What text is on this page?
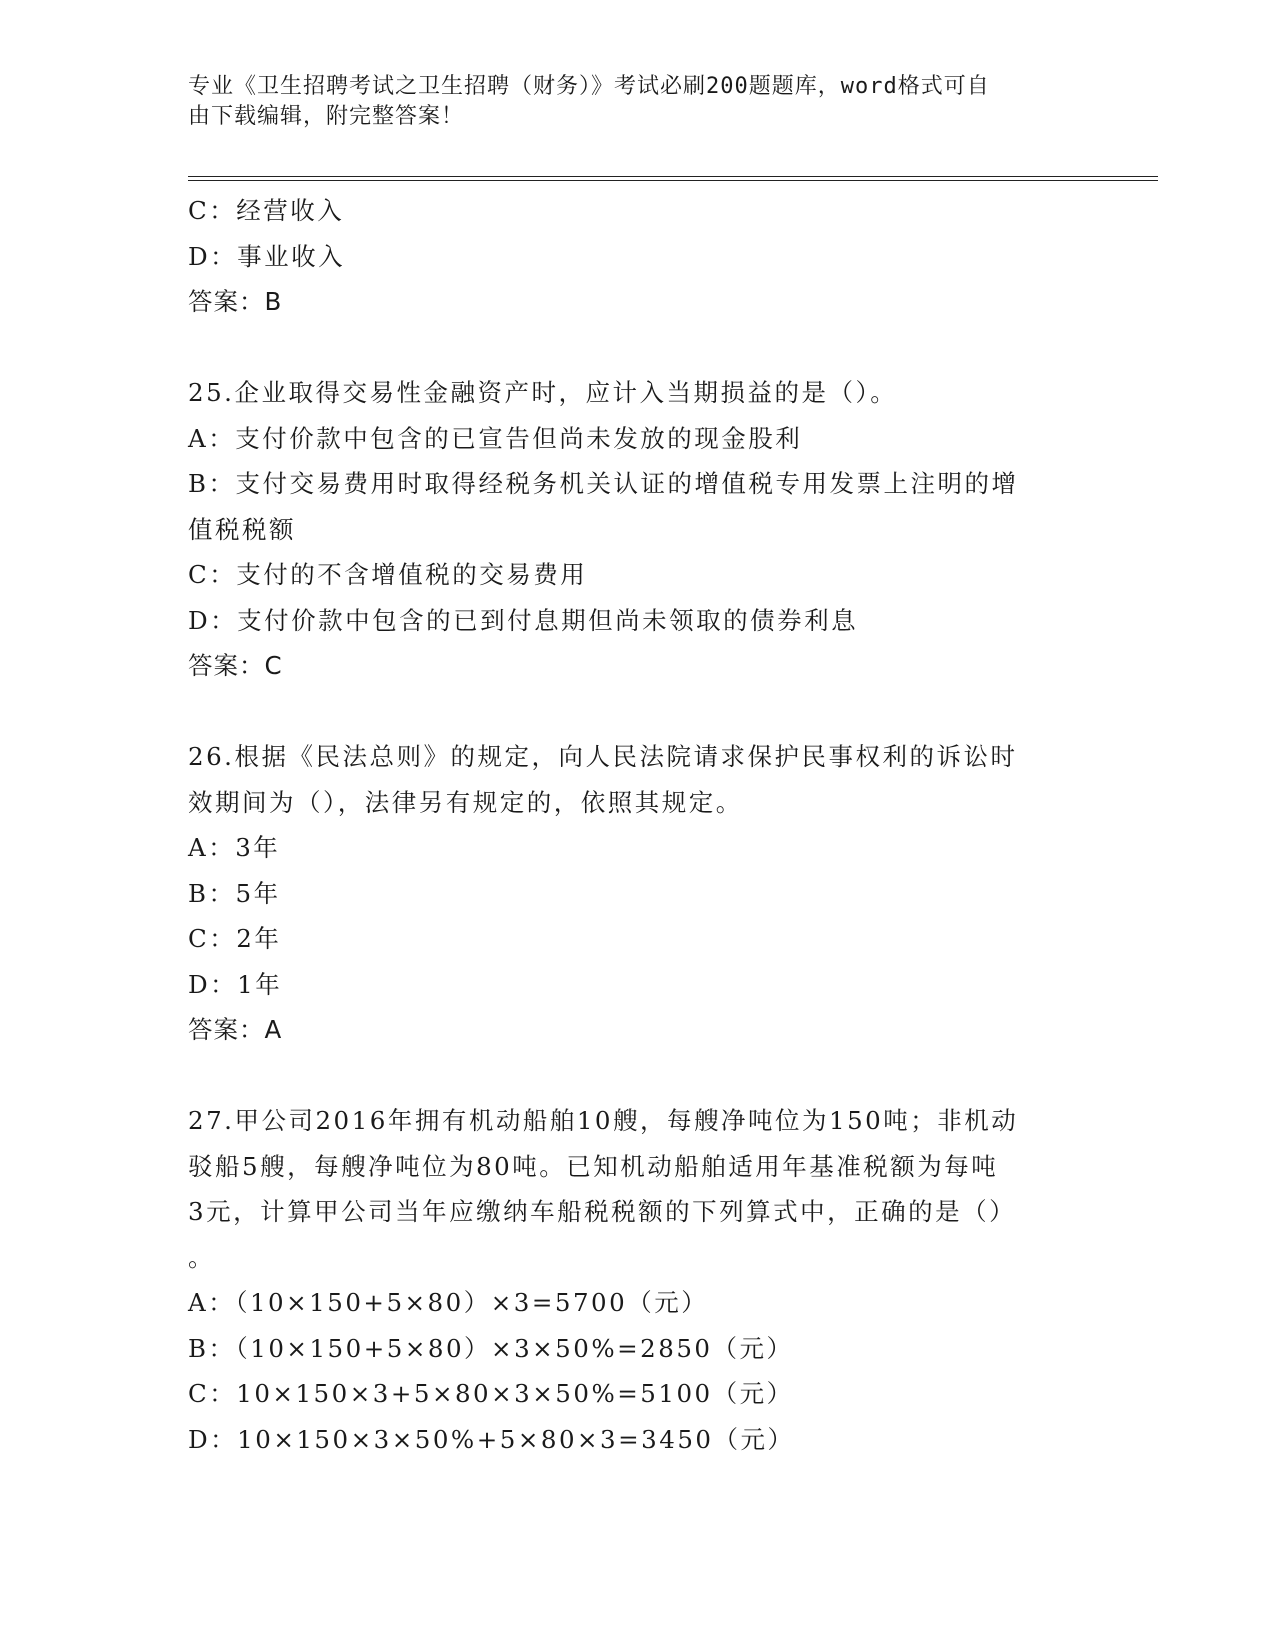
专业《卫生招聘考试之卫生招聘（财务）》考试必刷200题题库，word格式可自
由下载编辑，附完整答案！
C：经营收入
D：事业收入
答案：B
25.企业取得交易性金融资产时，应计入当期损益的是（）。
A：支付价款中包含的已宣告但尚未发放的现金股利
B：支付交易费用时取得经税务机关认证的增值税专用发票上注明的增
值税税额
C：支付的不含增值税的交易费用
D：支付价款中包含的已到付息期但尚未领取的债券利息
答案：C
26.根据《民法总则》的规定，向人民法院请求保护民事权利的诉讼时
效期间为（），法律另有规定的，依照其规定。
A：3年
B：5年
C：2年
D：1年
答案：A
27.甲公司2016年拥有机动船舶10艘，每艘净吨位为150吨；非机动
驳船5艘，每艘净吨位为80吨。已知机动船舶适用年基准税额为每吨
3元，计算甲公司当年应缴纳车船税税额的下列算式中，正确的是（）
。
A：（10×150+5×80）×3=5700（元）
B：（10×150+5×80）×3×50%=2850（元）
C：10×150×3+5×80×3×50%=5100（元）
D：10×150×3×50%+5×80×3=3450（元）
